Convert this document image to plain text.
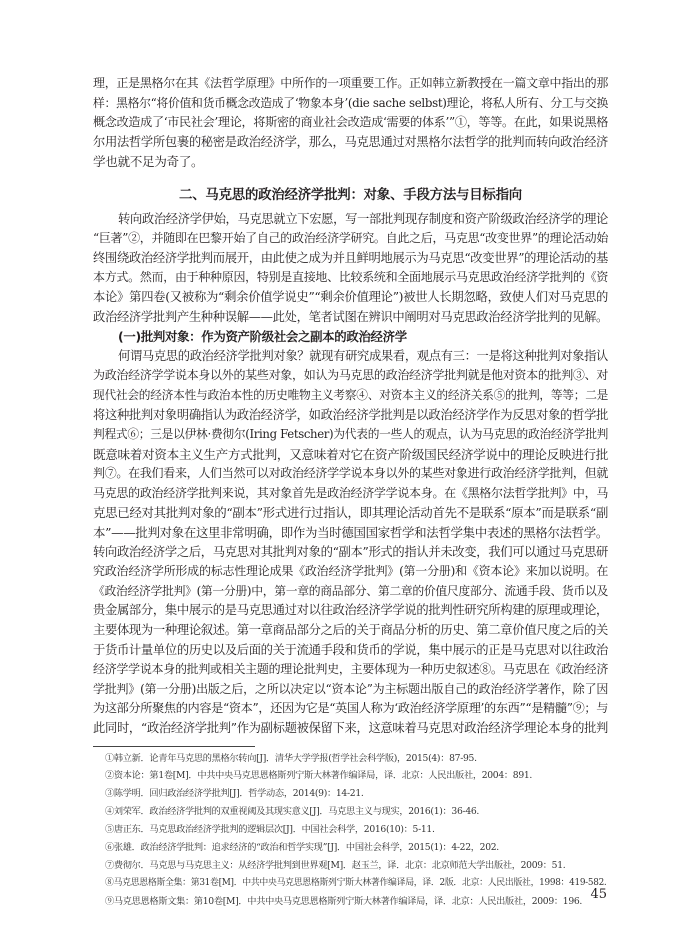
理，正是黑格尔在其《法哲学原理》中所作的一项重要工作。正如韩立新教授在一篇文章中指出的那
样：黑格尔“将价值和货币概念改造成了‘物象本身’(die sache selbst)理论，将私人所有、分工与交换
概念改造成了‘市民社会’理论，将斯密的商业社会改造成‘需要的体系’”①，等等。在此，如果说黑格
尔用法哲学所包裹的秘密是政治经济学，那么，马克思通过对黑格尔法哲学的批判而转向政治经济
学也就不足为奇了。
二、马克思的政治经济学批判：对象、手段方法与目标指向
转向政治经济学伊始，马克思就立下宏愿，写一部批判现存制度和资产阶级政治经济学的理论
“巨著”②，并随即在巴黎开始了自己的政治经济学研究。自此之后，马克思“改变世界”的理论活动始
终围绕政治经济学批判而展开，由此使之成为并且鲜明地展示为马克思“改变世界”的理论活动的基
本方式。然而，由于种种原因，特别是直接地、比较系统和全面地展示马克思政治经济学批判的《资
本论》第四卷(又被称为“剩余价值学说史”“剩余价值理论”)被世人长期忽略，致使人们对马克思的
政治经济学批判产生种种误解——此处，笔者试图在辨识中阐明对马克思政治经济学批判的见解。
(一)批判对象：作为资产阶级社会之副本的政治经济学
何谓马克思的政治经济学批判对象？就现有研究成果看，观点有三：一是将这种批判对象指认
为政治经济学学说本身以外的某些对象，如认为马克思的政治经济学批判就是他对资本的批判③、对
现代社会的经济本性与政治本性的历史唯物主义考察④、对资本主义的经济关系⑤的批判，等等；二是
将这种批判对象明确指认为政治经济学，如政治经济学批判是以政治经济学作为反思对象的哲学批
判程式⑥；三是以伊林·费彻尔(Iring Fetscher)为代表的一些人的观点，认为马克思的政治经济学批判
既意味着对资本主义生产方式批判，又意味着对它在资产阶级国民经济学说中的理论反映进行批
判⑦。在我们看来，人们当然可以对政治经济学学说本身以外的某些对象进行政治经济学批判，但就
马克思的政治经济学批判来说，其对象首先是政治经济学学说本身。在《黑格尔法哲学批判》中，马
克思已经对其批判对象的“副本”形式进行过指认，即其理论活动首先不是联系“原本”而是联系“副
本”——批判对象在这里非常明确，即作为当时德国国家哲学和法哲学集中表述的黑格尔法哲学。
转向政治经济学之后，马克思对其批判对象的“副本”形式的指认并未改变，我们可以通过马克思研
究政治经济学所形成的标志性理论成果《政治经济学批判》(第一分册)和《资本论》来加以说明。在
《政治经济学批判》(第一分册)中，第一章的商品部分、第二章的价值尺度部分、流通手段、货币以及
贵金属部分，集中展示的是马克思通过对以往政治经济学学说的批判性研究所构建的原理或理论，
主要体现为一种理论叙述。第一章商品部分之后的关于商品分析的历史、第二章价值尺度之后的关
于货币计量单位的历史以及后面的关于流通手段和货币的学说，集中展示的正是马克思对以往政治
经济学学说本身的批判或相关主题的理论批判史，主要体现为一种历史叙述⑧。马克思在《政治经济
学批判》(第一分册)出版之后，之所以决定以“资本论”为主标题出版自己的政治经济学著作，除了因
为这部分所聚焦的内容是“资本”，还因为它是“英国人称为‘政治经济学原理’的东西”“是精髓”⑨；与
此同时，“政治经济学批判”作为副标题被保留下来，这意味着马克思对政治经济学理论本身的批判
①韩立新．论青年马克思的黑格尔转向[J]．清华大学学报(哲学社会科学版)，2015(4)：87-95.
②资本论：第1卷[M]．中共中央马克思恩格斯列宁斯大林著作编译局，译．北京：人民出版社，2004：891.
③陈学明．回归政治经济学批判[J]．哲学动态，2014(9)：14-21.
④刘荣军．政治经济学批判的双重视阈及其现实意义[J]．马克思主义与现实，2016(1)：36-46.
⑤唐正东．马克思政治经济学批判的逻辑层次[J]．中国社会科学，2016(10)：5-11.
⑥张雄．政治经济学批判：追求经济的“政治和哲学实现”[J]．中国社会科学，2015(1)：4-22，202.
⑦费彻尔．马克思与马克思主义：从经济学批判到世界观[M]．赵玉兰，译．北京：北京师范大学出版社，2009：51.
⑧马克思恩格斯全集：第31卷[M]．中共中央马克思恩格斯列宁斯大林著作编译局，译．2版．北京：人民出版社，1998：419-582.
⑨马克思恩格斯文集：第10卷[M]．中共中央马克思恩格斯列宁斯大林著作编译局，译．北京：人民出版社，2009：196. 45
